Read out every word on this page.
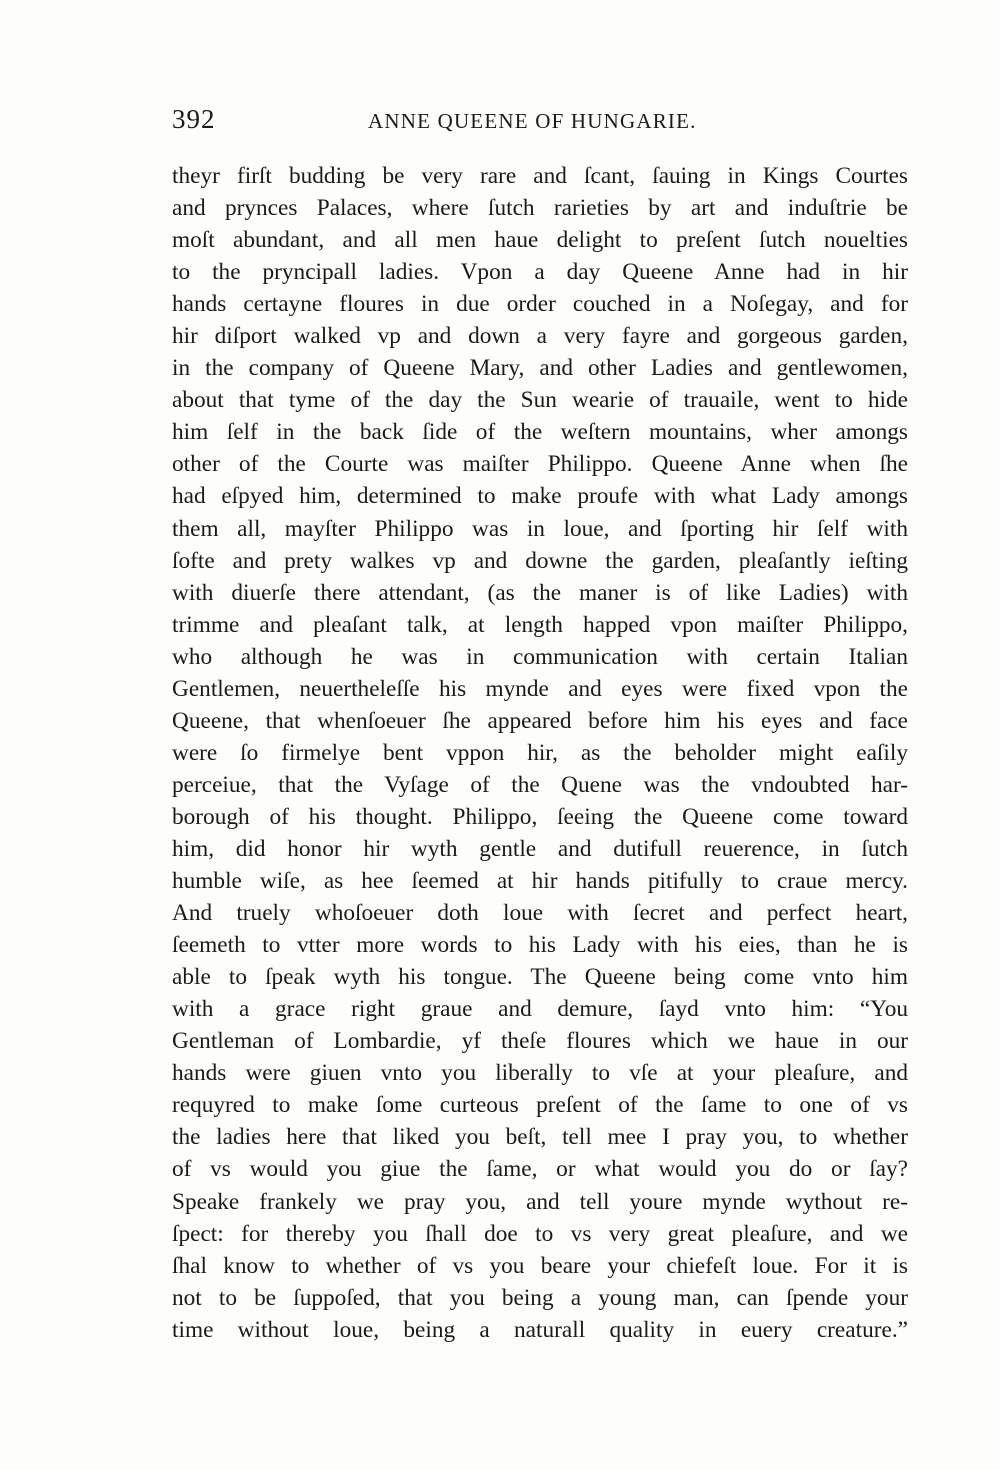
392	ANNE QUEENE OF HUNGARIE.
theyr firſt budding be very rare and ſcant, ſauing in Kings Courtes
and prynces Palaces, where ſutch rarieties by art and induſtrie be
moſt abundant, and all men haue delight to preſent ſutch nouelties
to the pryncipall ladies. Vpon a day Queene Anne had in hir
hands certayne floures in due order couched in a Noſegay, and for
hir diſport walked vp and down a very fayre and gorgeous garden,
in the company of Queene Mary, and other Ladies and gentlewomen,
about that tyme of the day the Sun wearie of trauaile, went to hide
him ſelf in the back ſide of the weſtern mountains, wher amongs
other of the Courte was maiſter Philippo. Queene Anne when ſhe
had eſpyed him, determined to make proufe with what Lady amongs
them all, mayſter Philippo was in loue, and ſporting hir ſelf with
ſofte and prety walkes vp and downe the garden, pleaſantly ieſting
with diuerſe there attendant, (as the maner is of like Ladies) with
trimme and pleaſant talk, at length happed vpon maiſter Philippo,
who although he was in communication with certain Italian
Gentlemen, neuertheleſſe his mynde and eyes were fixed vpon the
Queene, that whenſoeuer ſhe appeared before him his eyes and face
were ſo firmelye bent vppon hir, as the beholder might eaſily
perceiue, that the Vyſage of the Quene was the vndoubted har-
borough of his thought. Philippo, ſeeing the Queene come toward
him, did honor hir wyth gentle and dutifull reuerence, in ſutch
humble wiſe, as hee ſeemed at hir hands pitifully to craue mercy.
And truely whoſoeuer doth loue with ſecret and perfect heart,
ſeemeth to vtter more words to his Lady with his eies, than he is
able to ſpeak wyth his tongue. The Queene being come vnto him
with a grace right graue and demure, ſayd vnto him: “You
Gentleman of Lombardie, yf theſe floures which we haue in our
hands were giuen vnto you liberally to vſe at your pleaſure, and
requyred to make ſome curteous preſent of the ſame to one of vs
the ladies here that liked you beſt, tell mee I pray you, to whether
of vs would you giue the ſame, or what would you do or ſay?
Speake frankely we pray you, and tell youre mynde wythout re-
ſpect: for thereby you ſhall doe to vs very great pleaſure, and we
ſhal know to whether of vs you beare your chiefeſt loue. For it is
not to be ſuppoſed, that you being a young man, can ſpende your
time without loue, being a naturall quality in euery creature.”
